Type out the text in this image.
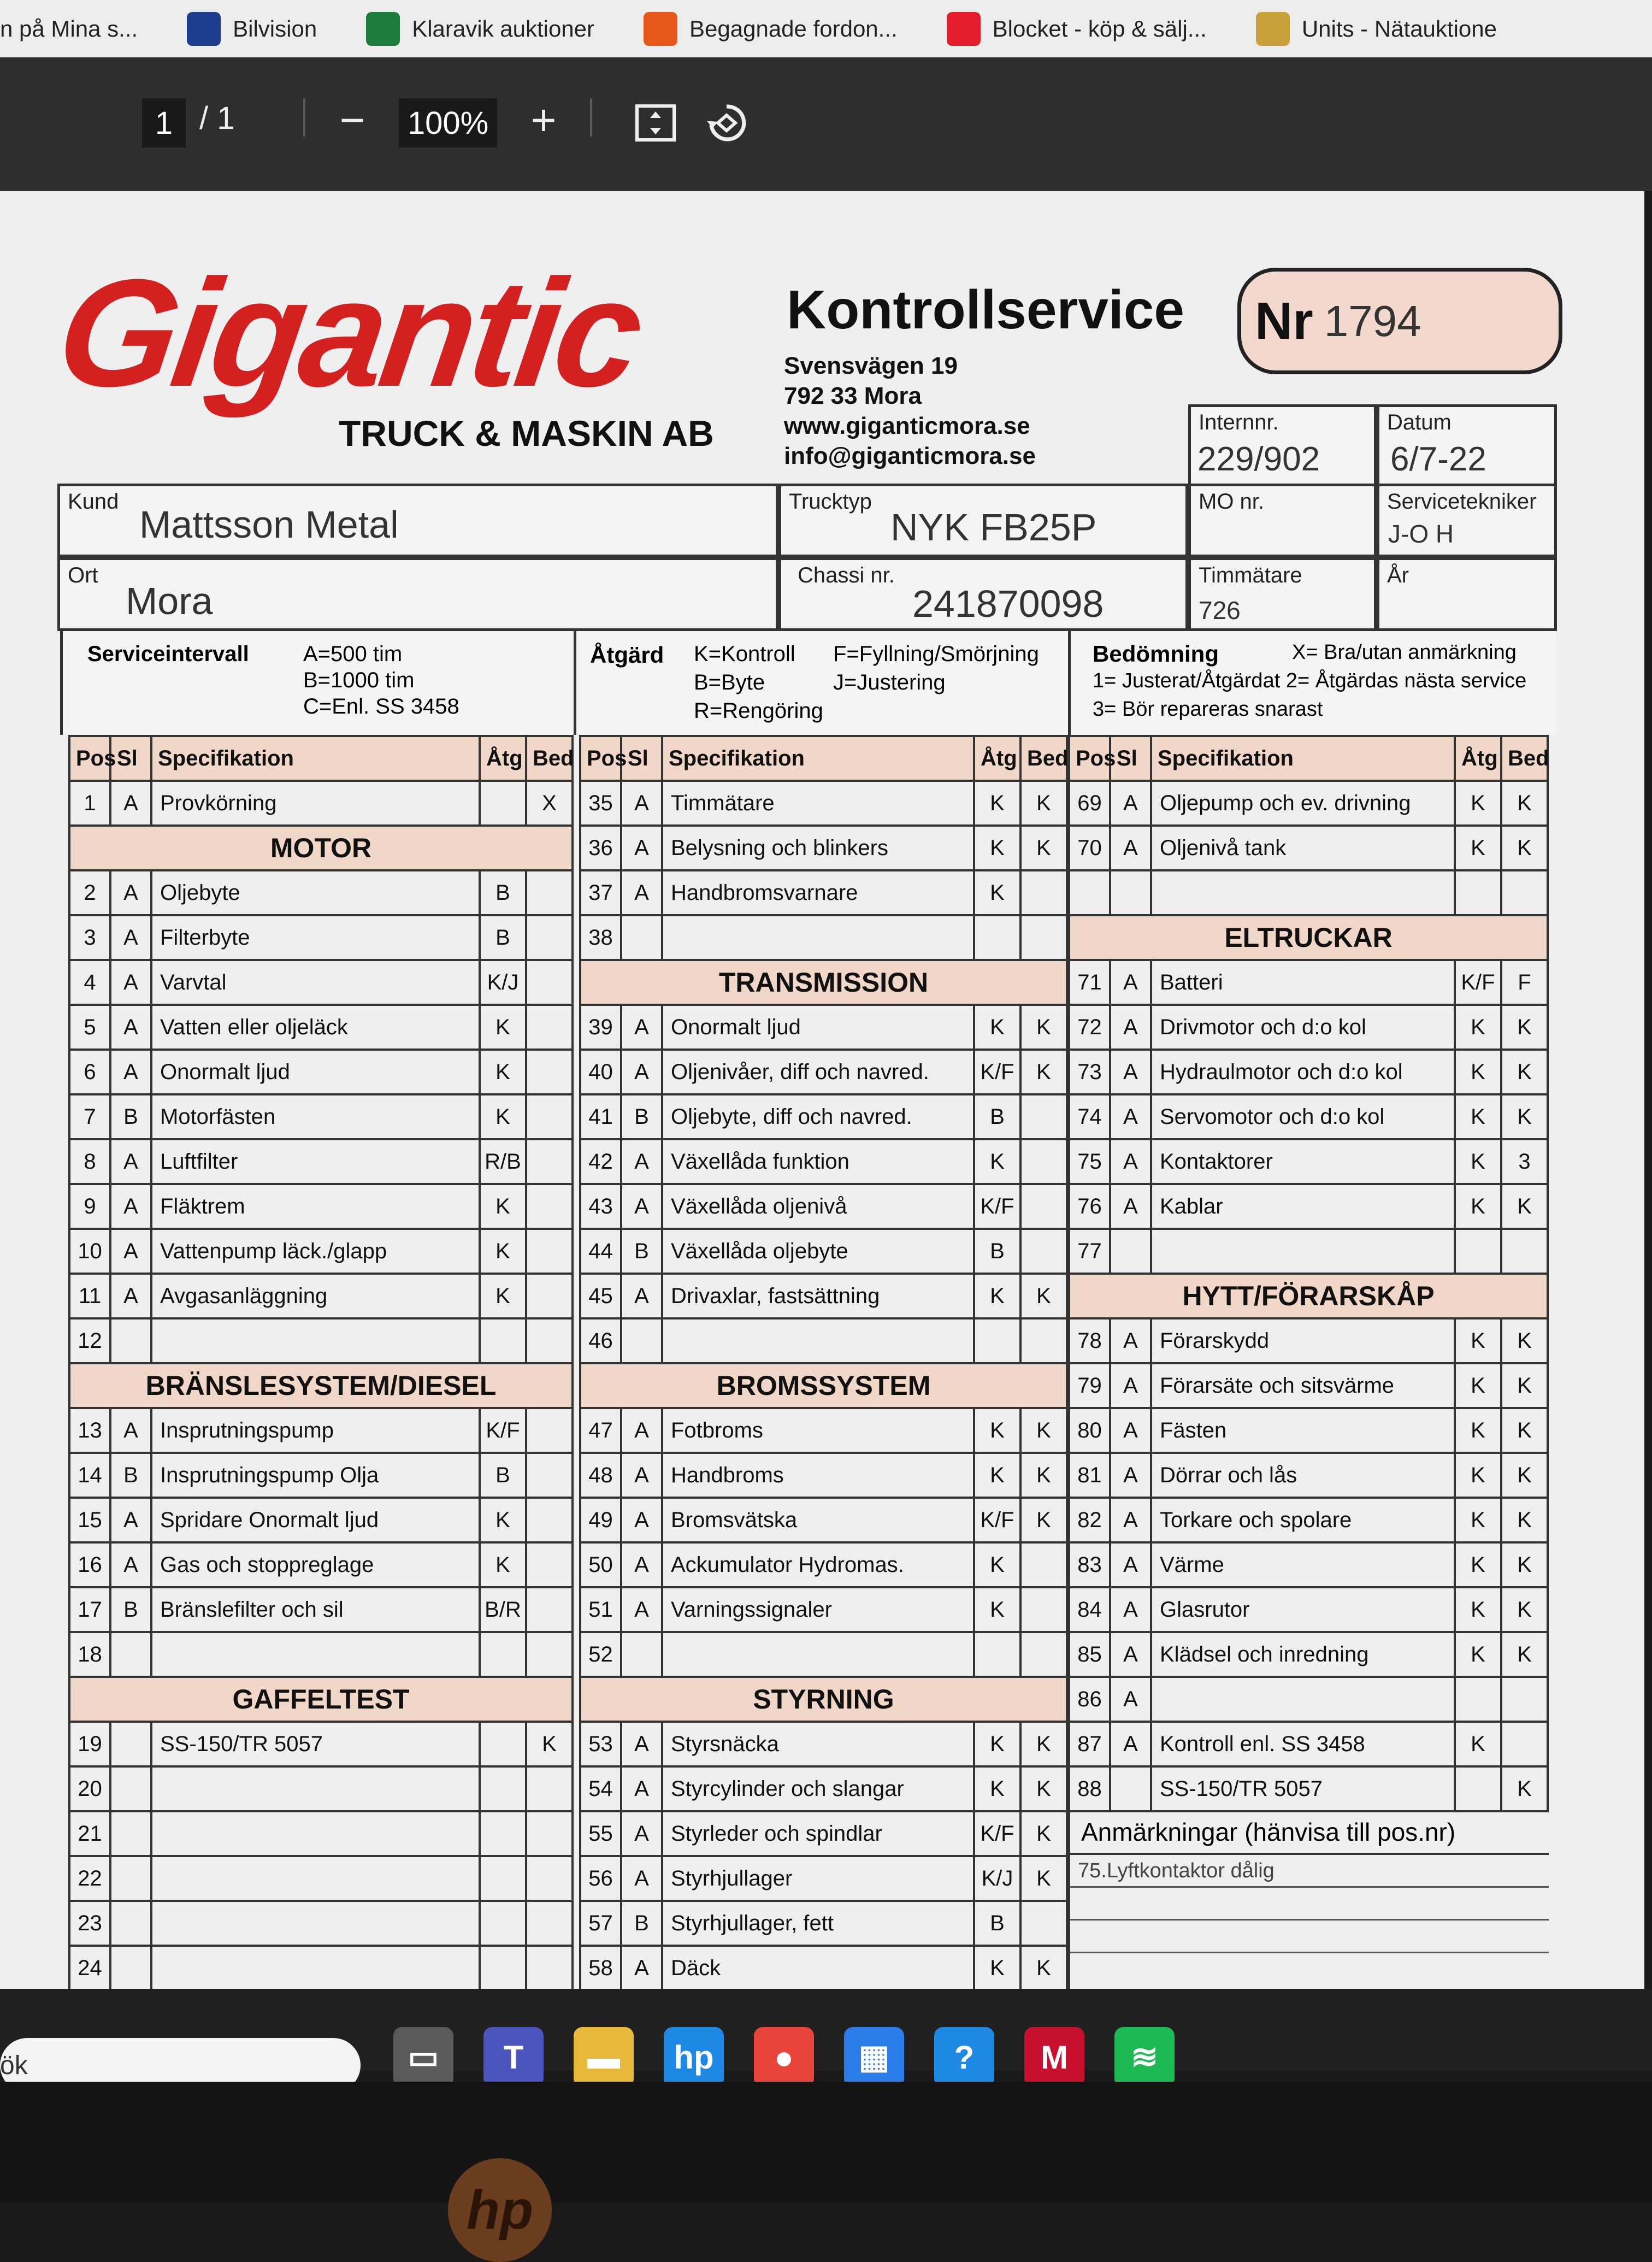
n på Mina s...	Bilvision	Klaravik auktioner	Begagnade fordon...	Blocket - köp & sälj...	Units - Nätauktione
1 / 1 −	100% +
Gigantic
TRUCK & MASKIN AB
Kontrollservice
Svensvägen 19
792 33 Mora
www.giganticmora.se
info@giganticmora.se
Nr 1794
Internnr.
229/902
Datum
6/7-22
Kund
Mattsson Metal
Trucktyp
NYK FB25P
MO nr.	Servicetekniker
J-O H
Ort
Mora
Chassi nr.
241870098
Timmätare
726
År
Serviceintervall A=500 tim
B=1000 tim
C=Enl. SS 3458
Åtgärd K=Kontroll
B=Byte
R=Rengöring
F=Fyllning/Smörjning
J=Justering
Bedömning	X= Bra/utan anmärkning
1= Justerat/Åtgärdat 2= Åtgärdas nästa service
3= Bör repareras snarast
Pos	Sl	Specifikation	Åtg	Bed
1	A	Provkörning		X
MOTOR				
2	A	Oljebyte	B	
3	A	Filterbyte	B	
4	A	Varvtal	K/J	
5	A	Vatten eller oljeläck	K	
6	A	Onormalt ljud	K	
7	B	Motorfästen	K	
8	A	Luftfilter	R/B	
9	A	Fläktrem	K	
10	A	Vattenpump läck./glapp	K	
11	A	Avgasanläggning	K	
12				
BRÄNSLESYSTEM/DIESEL				
13	A	Insprutningspump	K/F	
14	B	Insprutningspump Olja	B	
15	A	Spridare Onormalt ljud	K	
16	A	Gas och stoppreglage	K	
17	B	Bränslefilter och sil	B/R	
18				
GAFFELTEST				
19		SS-150/TR 5057		K
20				
21				
22				
23				
24				
Pos	Sl	Specifikation	Åtg	Bed
35	A	Timmätare	K	K
36	A	Belysning och blinkers	K	K
37	A	Handbromsvarnare	K	
38				
TRANSMISSION				
39	A	Onormalt ljud	K	K
40	A	Oljenivåer, diff och navred.	K/F	K
41	B	Oljebyte, diff och navred.	B	
42	A	Växellåda funktion	K	
43	A	Växellåda oljenivå	K/F	
44	B	Växellåda oljebyte	B	
45	A	Drivaxlar, fastsättning	K	K
46				
BROMSSYSTEM				
47	A	Fotbroms	K	K
48	A	Handbroms	K	K
49	A	Bromsvätska	K/F	K
50	A	Ackumulator Hydromas.	K	
51	A	Varningssignaler	K	
52				
STYRNING				
53	A	Styrsnäcka	K	K
54	A	Styrcylinder och slangar	K	K
55	A	Styrleder och spindlar	K/F	K
56	A	Styrhjullager	K/J	K
57	B	Styrhjullager, fett	B	
58	A	Däck	K	K
Pos	Sl	Specifikation	Åtg	Bed
69	A	Oljepump och ev. drivning	K	K
70	A	Oljenivå tank	K	K

ELTRUCKAR				
71	A	Batteri	K/F	F
72	A	Drivmotor och d:o kol	K	K
73	A	Hydraulmotor och d:o kol	K	K
74	A	Servomotor och d:o kol	K	K
75	A	Kontaktorer	K	3
76	A	Kablar	K	K
77				
HYTT/FÖRARSKÅP				
78	A	Förarskydd	K	K
79	A	Förarsäte och sitsvärme	K	K
80	A	Fästen	K	K
81	A	Dörrar och lås	K	K
82	A	Torkare och spolare	K	K
83	A	Värme	K	K
84	A	Glasrutor	K	K
85	A	Klädsel och inredning	K	K
86	A			
87	A	Kontroll enl. SS 3458	K	
88		SS-150/TR 5057		K
Anmärkningar (hänvisa till pos.nr)
75.Lyftkontaktor dålig
ök	▭	T	▬	hp	●	▦	?	M	≋
hp
